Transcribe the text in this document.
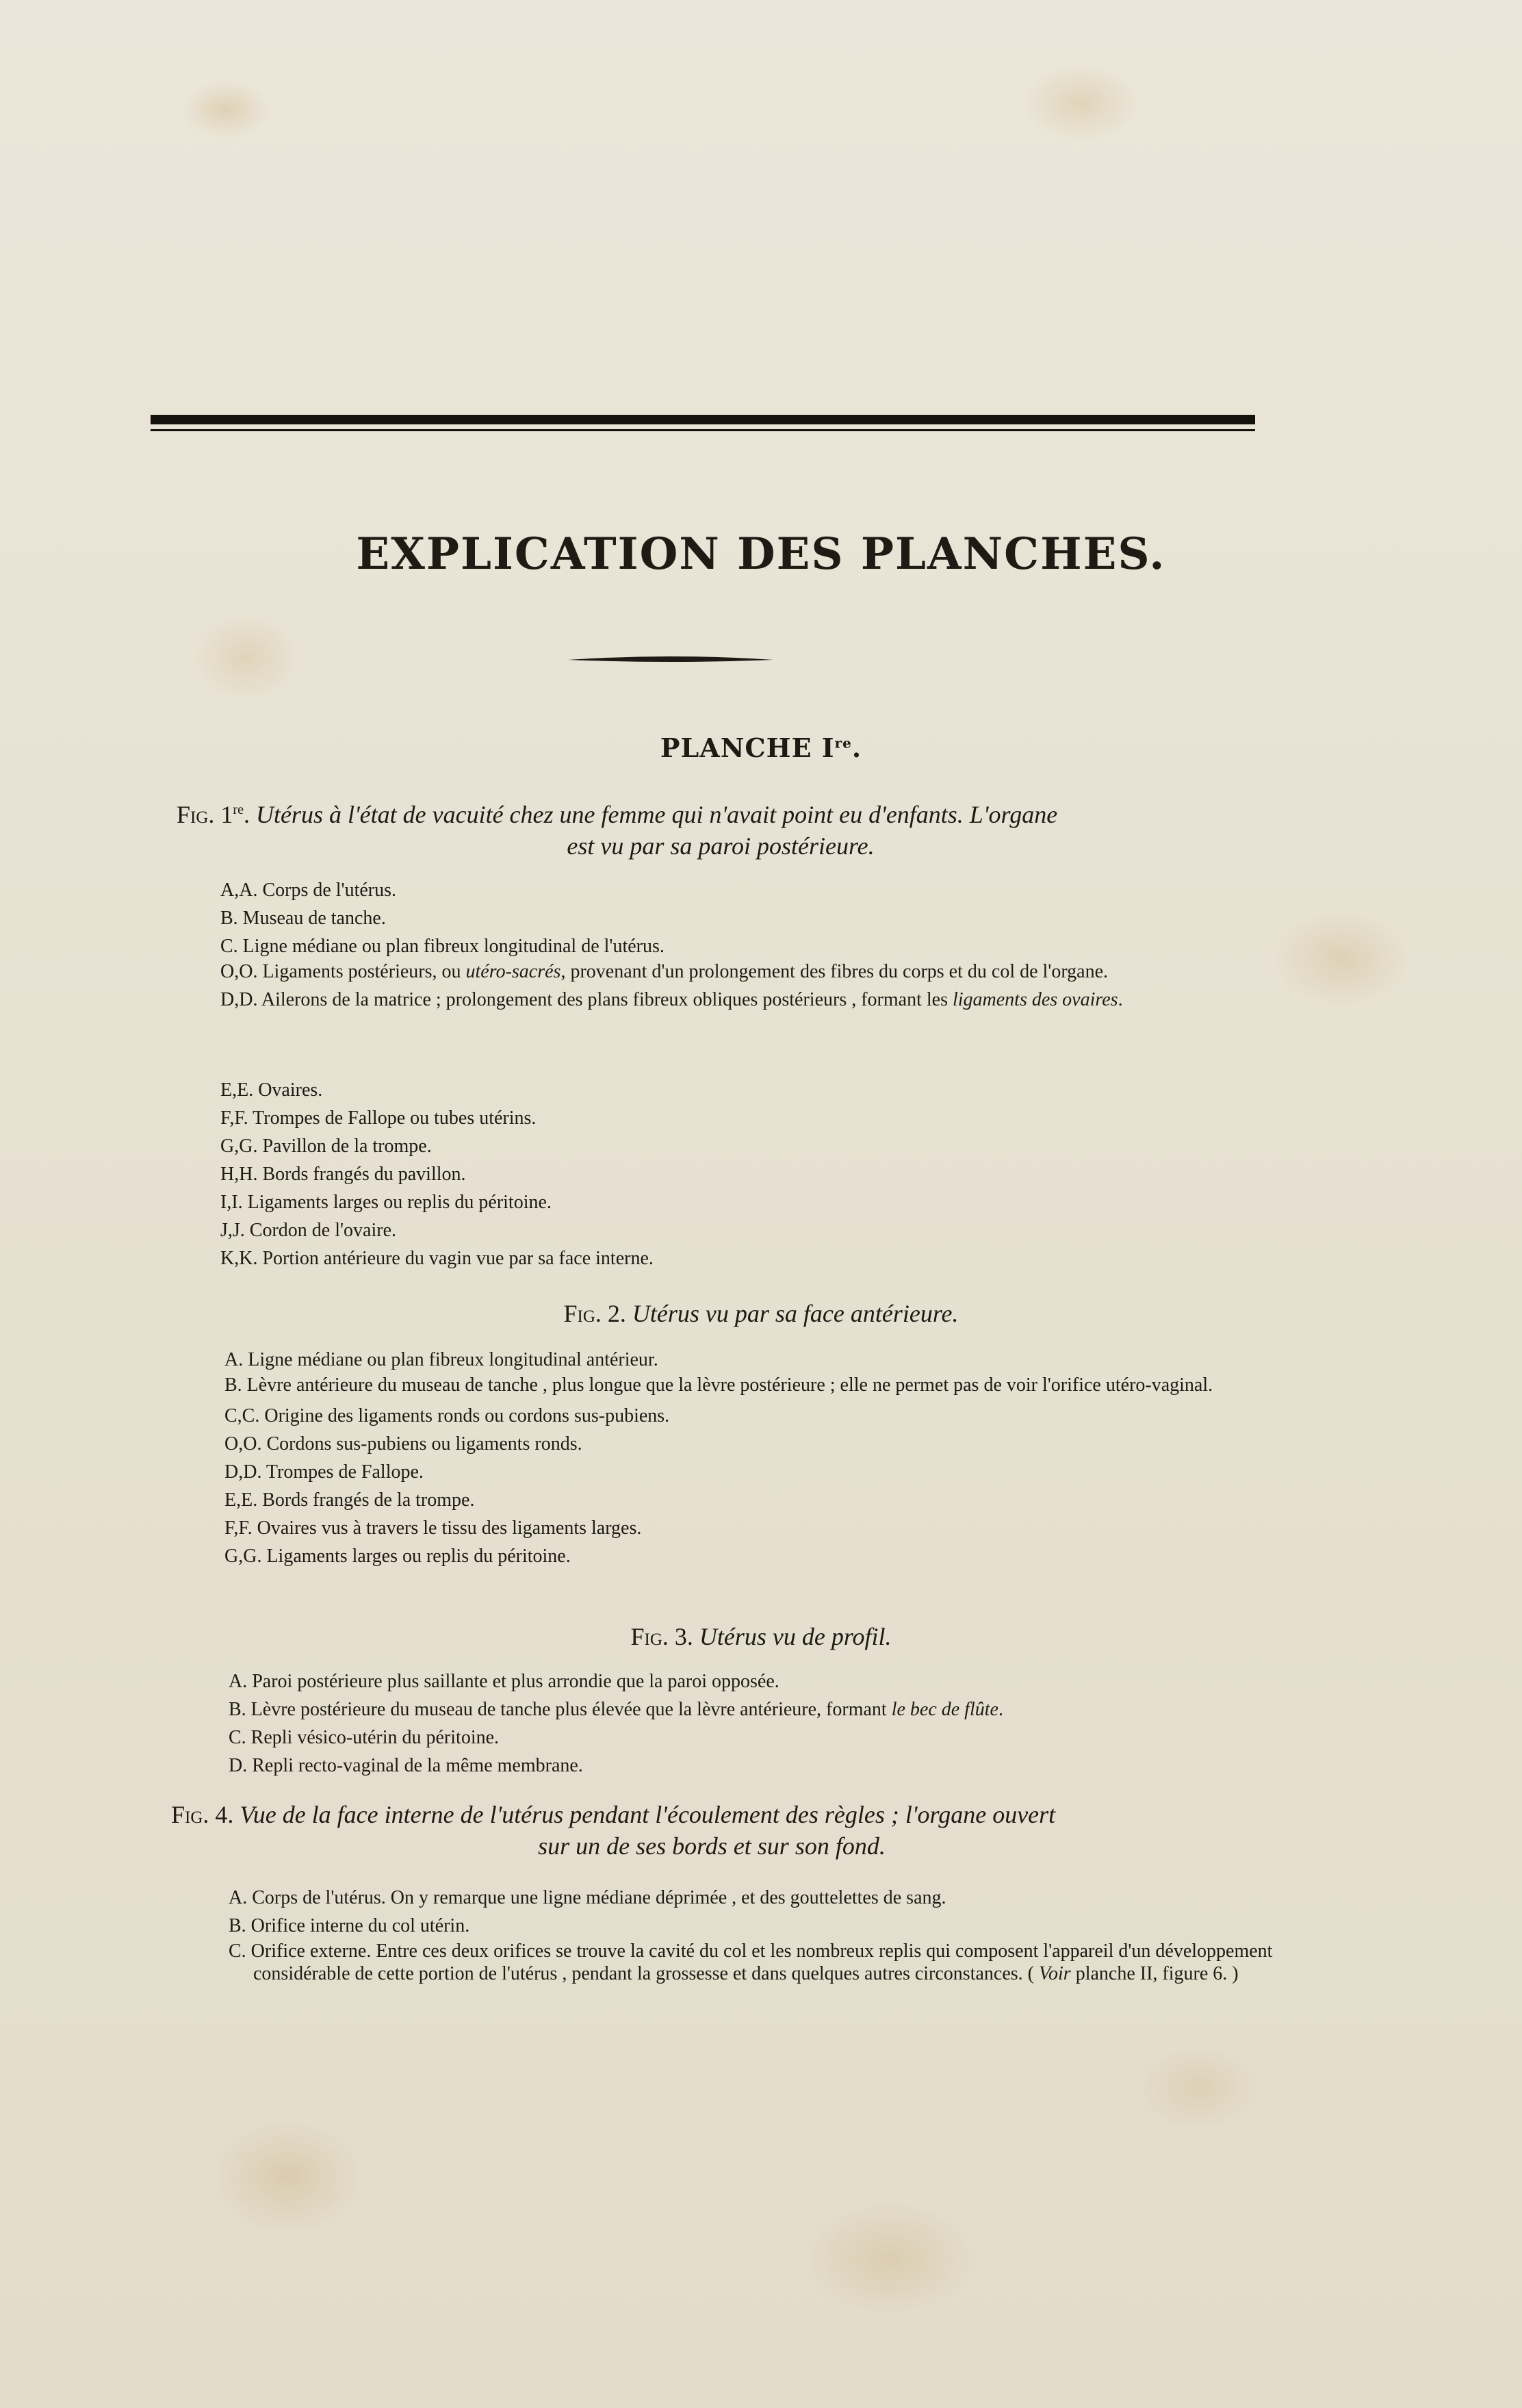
EXPLICATION DES PLANCHES.
PLANCHE Ire.
Fig. 1re. Utérus à l'état de vacuité chez une femme qui n'avait point eu d'enfants. L'organe
est vu par sa paroi postérieure.
A,A. Corps de l'utérus.
B. Museau de tanche.
C. Ligne médiane ou plan fibreux longitudinal de l'utérus.
O,O. Ligaments postérieurs, ou utéro-sacrés, provenant d'un prolongement des fibres du corps et du col de l'organe.
D,D. Ailerons de la matrice ; prolongement des plans fibreux obliques postérieurs , formant les ligaments des ovaires.
E,E. Ovaires.
F,F. Trompes de Fallope ou tubes utérins.
G,G. Pavillon de la trompe.
H,H. Bords frangés du pavillon.
I,I. Ligaments larges ou replis du péritoine.
J,J. Cordon de l'ovaire.
K,K. Portion antérieure du vagin vue par sa face interne.
Fig. 2. Utérus vu par sa face antérieure.
A. Ligne médiane ou plan fibreux longitudinal antérieur.
B. Lèvre antérieure du museau de tanche , plus longue que la lèvre postérieure ; elle ne permet pas de voir l'orifice utéro-vaginal.
C,C. Origine des ligaments ronds ou cordons sus-pubiens.
O,O. Cordons sus-pubiens ou ligaments ronds.
D,D. Trompes de Fallope.
E,E. Bords frangés de la trompe.
F,F. Ovaires vus à travers le tissu des ligaments larges.
G,G. Ligaments larges ou replis du péritoine.
Fig. 3. Utérus vu de profil.
A. Paroi postérieure plus saillante et plus arrondie que la paroi opposée.
B. Lèvre postérieure du museau de tanche plus élevée que la lèvre antérieure, formant le bec de flûte.
C. Repli vésico-utérin du péritoine.
D. Repli recto-vaginal de la même membrane.
Fig. 4. Vue de la face interne de l'utérus pendant l'écoulement des règles ; l'organe ouvert
sur un de ses bords et sur son fond.
A. Corps de l'utérus. On y remarque une ligne médiane déprimée , et des gouttelettes de sang.
B. Orifice interne du col utérin.
C. Orifice externe. Entre ces deux orifices se trouve la cavité du col et les nombreux replis qui composent l'appareil d'un développement considérable de cette portion de l'utérus , pendant la grossesse et dans quelques autres circonstances. ( Voir planche II, figure 6. )
